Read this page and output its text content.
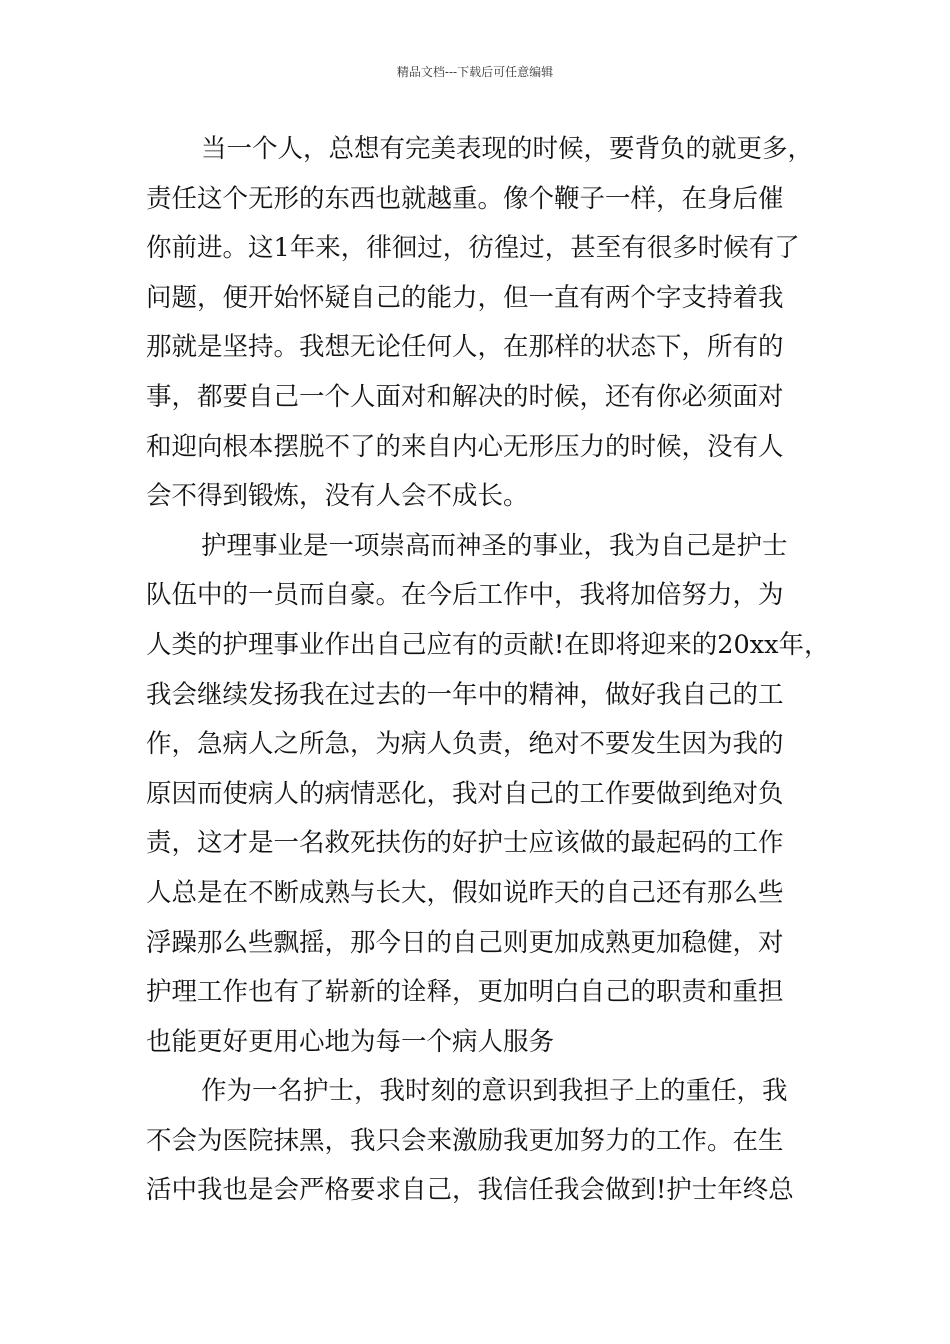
精品文档---下载后可任意编辑
当一个人，总想有完美表现的时候，要背负的就更多，
责任这个无形的东西也就越重。像个鞭子一样，在身后催
你前进。这1年来，徘徊过，彷徨过，甚至有很多时候有了
问题，便开始怀疑自己的能力，但一直有两个字支持着我
那就是坚持。我想无论任何人，在那样的状态下，所有的
事，都要自己一个人面对和解决的时候，还有你必须面对
和迎向根本摆脱不了的来自内心无形压力的时候，没有人
会不得到锻炼，没有人会不成长。
护理事业是一项崇高而神圣的事业，我为自己是护士
队伍中的一员而自豪。在今后工作中，我将加倍努力，为
人类的护理事业作出自己应有的贡献!在即将迎来的20xx年，
我会继续发扬我在过去的一年中的精神，做好我自己的工
作，急病人之所急，为病人负责，绝对不要发生因为我的
原因而使病人的病情恶化，我对自己的工作要做到绝对负
责，这才是一名救死扶伤的好护士应该做的最起码的工作
人总是在不断成熟与长大，假如说昨天的自己还有那么些
浮躁那么些飘摇，那今日的自己则更加成熟更加稳健，对
护理工作也有了崭新的诠释，更加明白自己的职责和重担
也能更好更用心地为每一个病人服务
作为一名护士，我时刻的意识到我担子上的重任，我
不会为医院抹黑，我只会来激励我更加努力的工作。在生
活中我也是会严格要求自己，我信任我会做到!护士年终总
